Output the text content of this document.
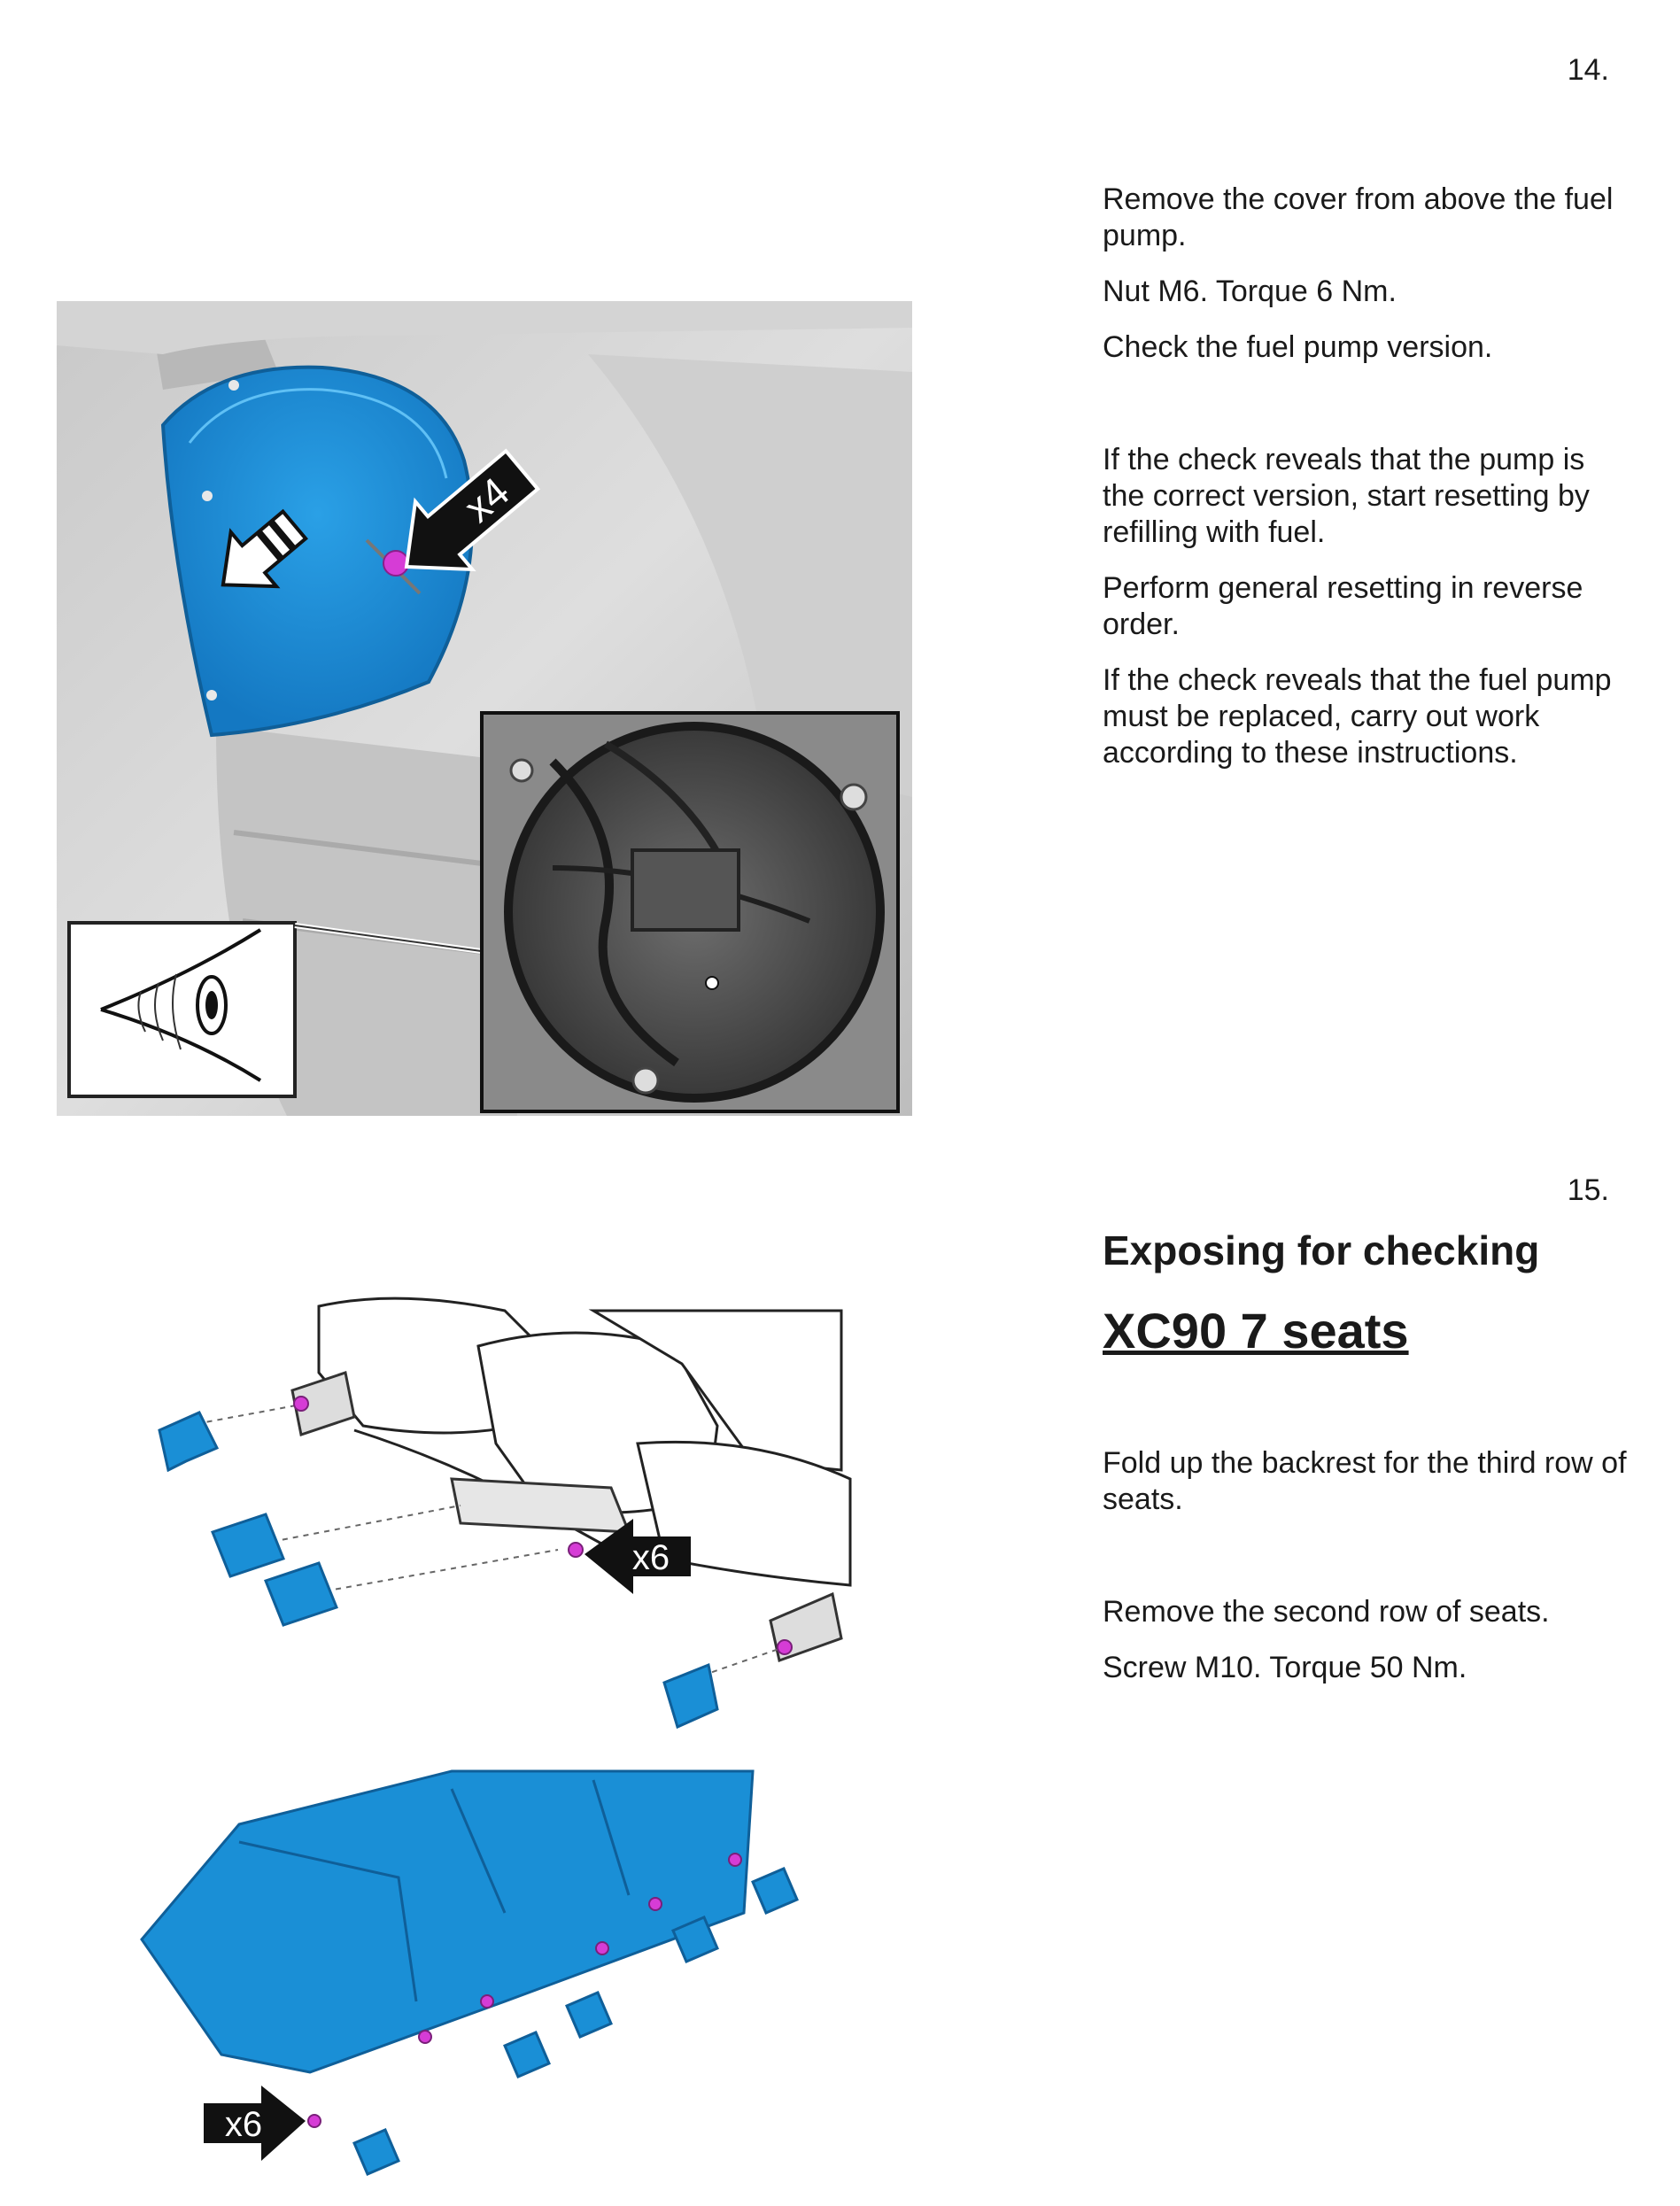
14.

Remove the cover from above the fuel pump.

Nut M6. Torque 6 Nm.

Check the fuel pump version.

If the check reveals that the pump is the correct version, start resetting by refilling with fuel.

Perform general resetting in reverse order.

If the check reveals that the fuel pump must be replaced, carry out work according to these instructions.

x4
15.
Exposing for checking
XC90 7 seats

Fold up the backrest for the third row of seats.

Remove the second row of seats.

Screw M10. Torque 50 Nm.

x6
x6
